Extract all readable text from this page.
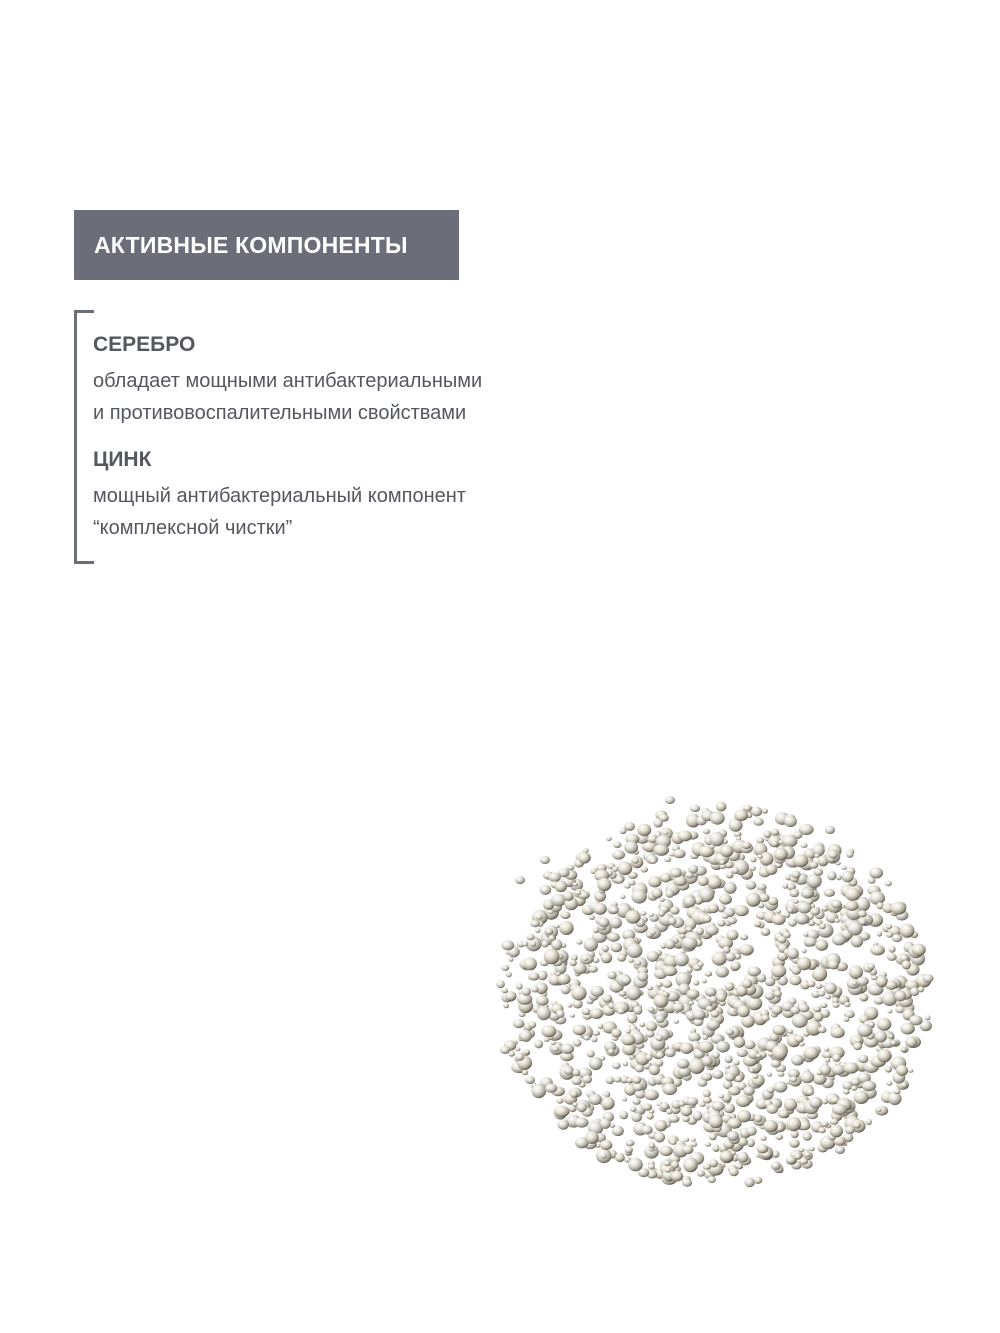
АКТИВНЫЕ КОМПОНЕНТЫ
СЕРЕБРО
обладает мощными антибактериальными
и противовоспалительными свойствами
ЦИНК
мощный антибактериальный компонент
“комплексной чистки”
